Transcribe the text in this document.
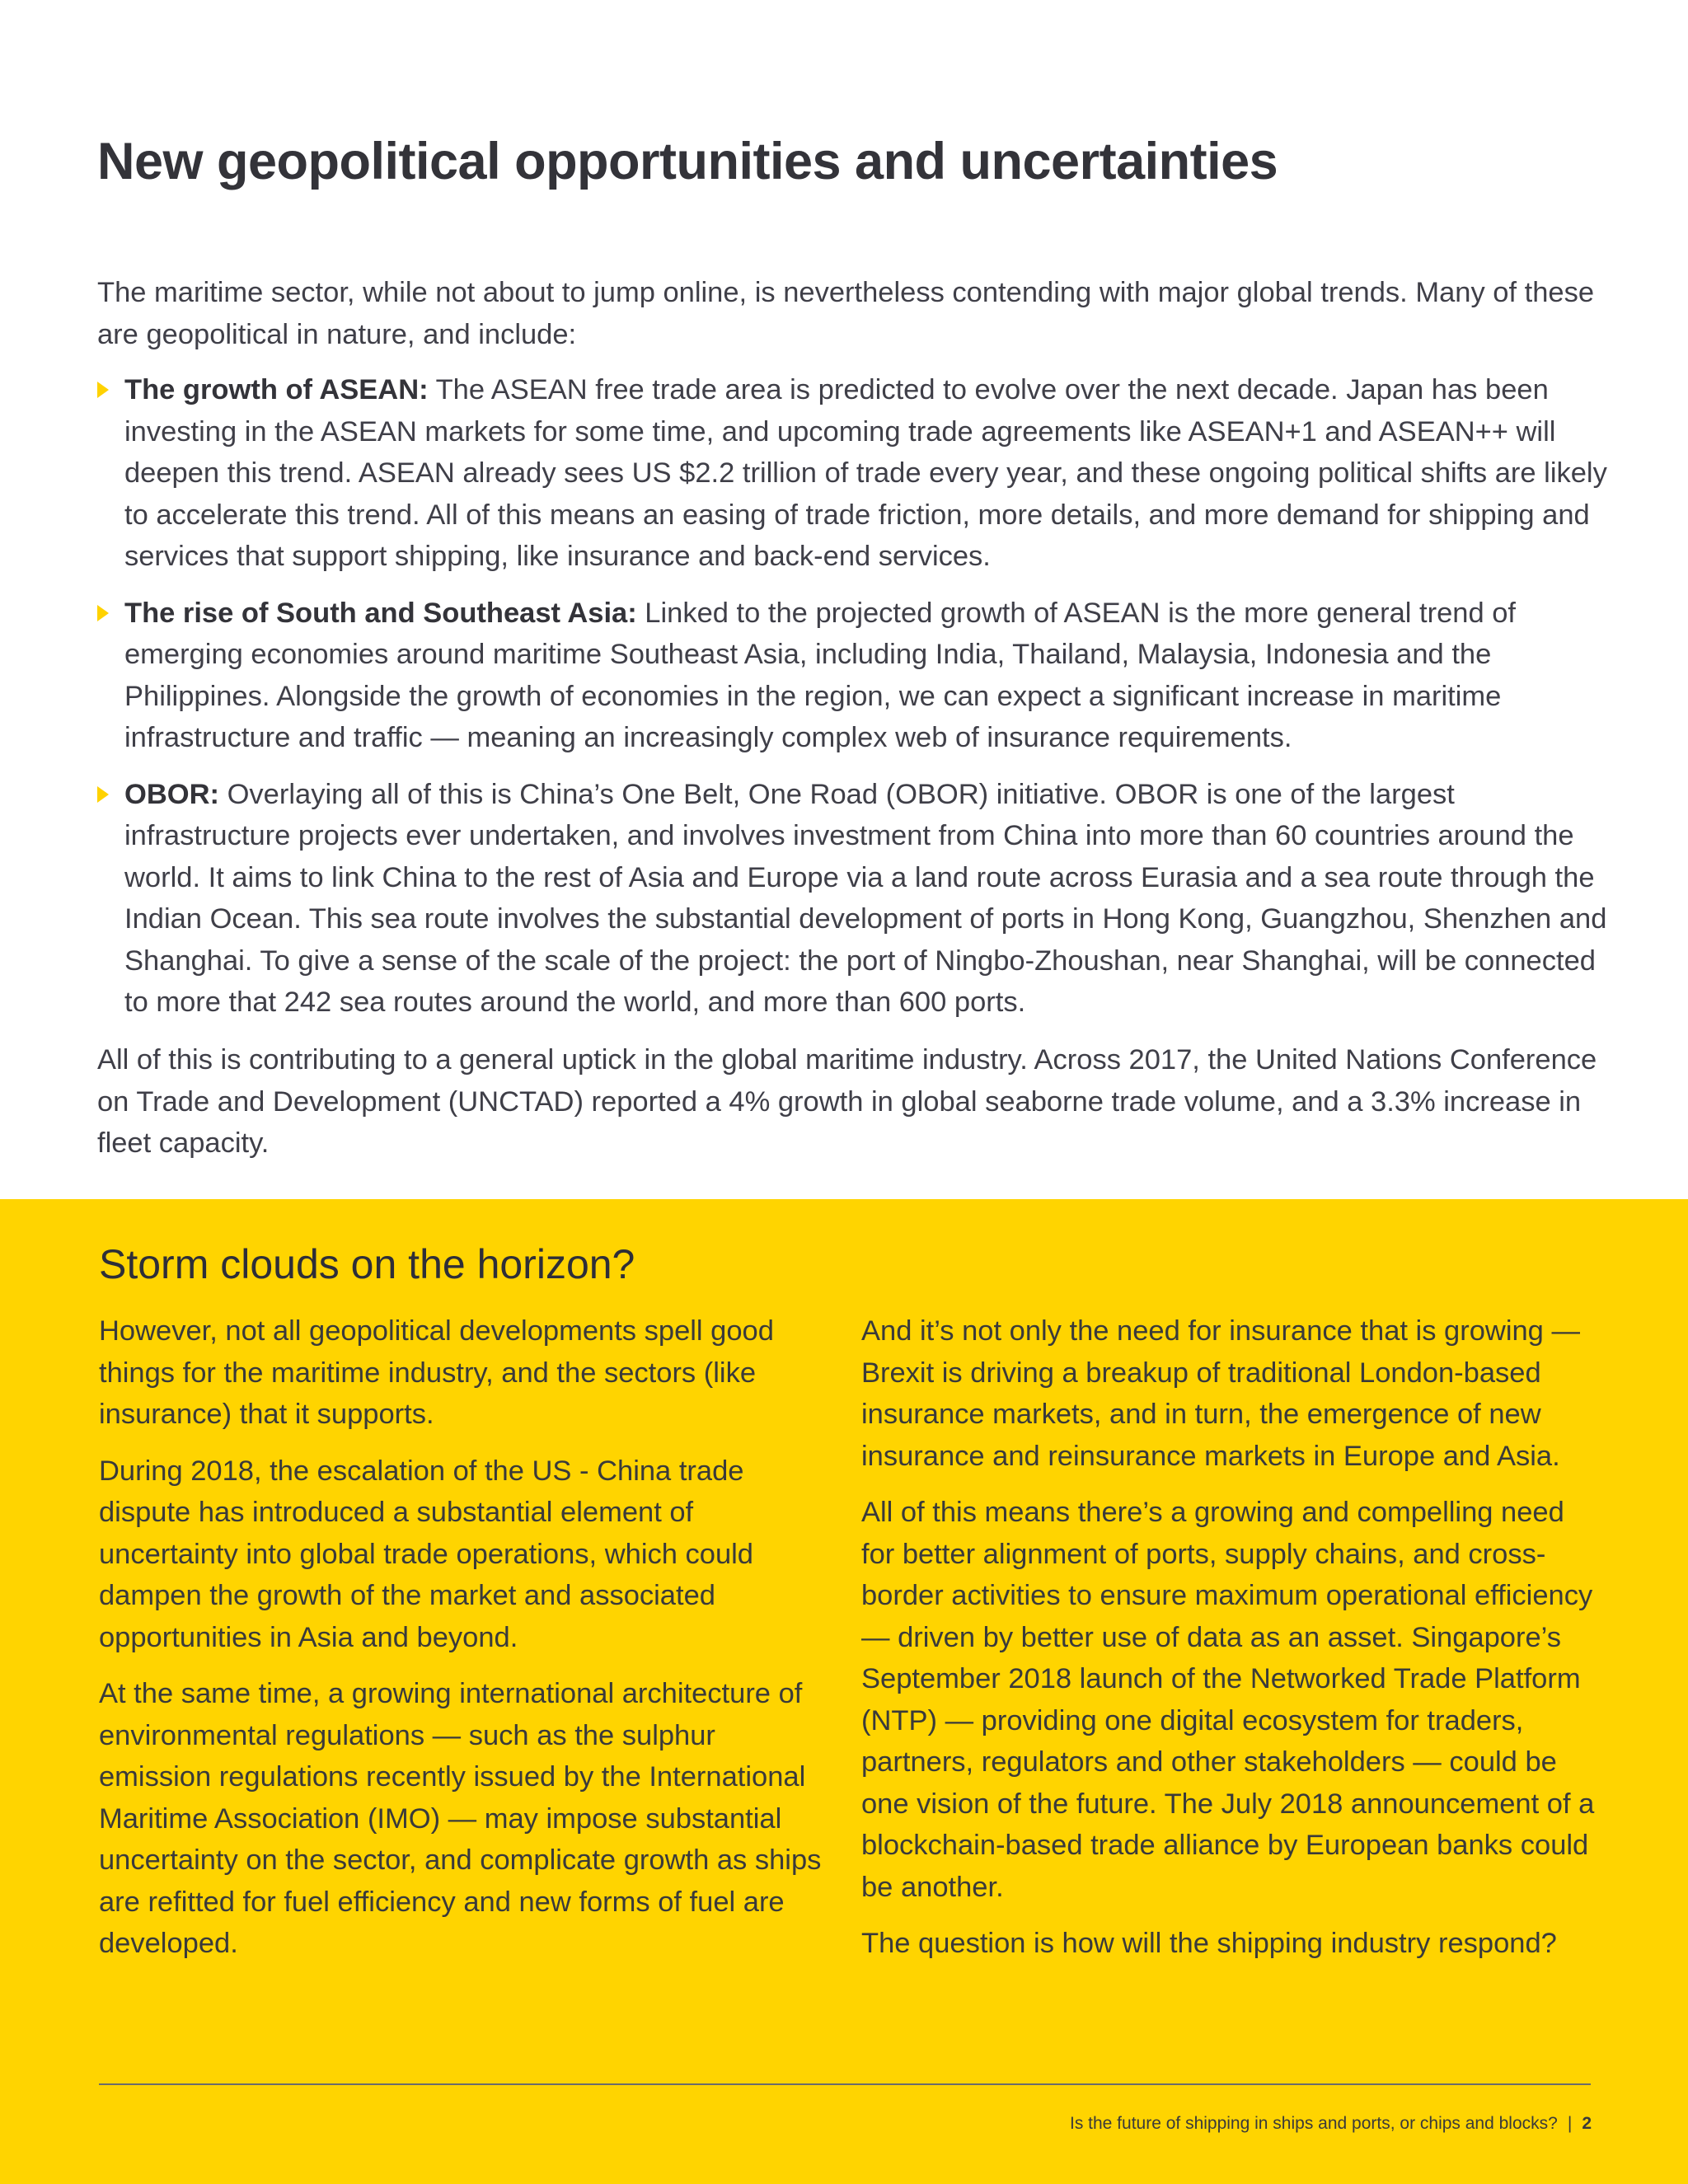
New geopolitical opportunities and uncertainties

The maritime sector, while not about to jump online, is nevertheless contending with major global trends. Many of these are geopolitical in nature, and include:

The growth of ASEAN: The ASEAN free trade area is predicted to evolve over the next decade. Japan has been investing in the ASEAN markets for some time, and upcoming trade agreements like ASEAN+1 and ASEAN++ will deepen this trend. ASEAN already sees US $2.2 trillion of trade every year, and these ongoing political shifts are likely to accelerate this trend. All of this means an easing of trade friction, more details, and more demand for shipping and services that support shipping, like insurance and back-end services.
The rise of South and Southeast Asia: Linked to the projected growth of ASEAN is the more general trend of emerging economies around maritime Southeast Asia, including India, Thailand, Malaysia, Indonesia and the Philippines. Alongside the growth of economies in the region, we can expect a significant increase in maritime infrastructure and traffic — meaning an increasingly complex web of insurance requirements.
OBOR: Overlaying all of this is China’s One Belt, One Road (OBOR) initiative. OBOR is one of the largest infrastructure projects ever undertaken, and involves investment from China into more than 60 countries around the world. It aims to link China to the rest of Asia and Europe via a land route across Eurasia and a sea route through the Indian Ocean. This sea route involves the substantial development of ports in Hong Kong, Guangzhou, Shenzhen and Shanghai. To give a sense of the scale of the project: the port of Ningbo-Zhoushan, near Shanghai, will be connected to more that 242 sea routes around the world, and more than 600 ports.

All of this is contributing to a general uptick in the global maritime industry. Across 2017, the United Nations Conference on Trade and Development (UNCTAD) reported a 4% growth in global seaborne trade volume, and a 3.3% increase in fleet capacity.

Storm clouds on the horizon?

However, not all geopolitical developments spell good things for the maritime industry, and the sectors (like insurance) that it supports.

During 2018, the escalation of the US - China trade dispute has introduced a substantial element of uncertainty into global trade operations, which could dampen the growth of the market and associated opportunities in Asia and beyond.

At the same time, a growing international architecture of environmental regulations — such as the sulphur emission regulations recently issued by the International Maritime Association (IMO) — may impose substantial uncertainty on the sector, and complicate growth as ships are refitted for fuel efficiency and new forms of fuel are developed.

And it’s not only the need for insurance that is growing — Brexit is driving a breakup of traditional London-based insurance markets, and in turn, the emergence of new insurance and reinsurance markets in Europe and Asia.

All of this means there’s a growing and compelling need for better alignment of ports, supply chains, and cross-border activities to ensure maximum operational efficiency — driven by better use of data as an asset. Singapore’s September 2018 launch of the Networked Trade Platform (NTP) — providing one digital ecosystem for traders, partners, regulators and other stakeholders — could be one vision of the future. The July 2018 announcement of a blockchain-based trade alliance by European banks could be another.

The question is how will the shipping industry respond?

Is the future of shipping in ships and ports, or chips and blocks? | 2
